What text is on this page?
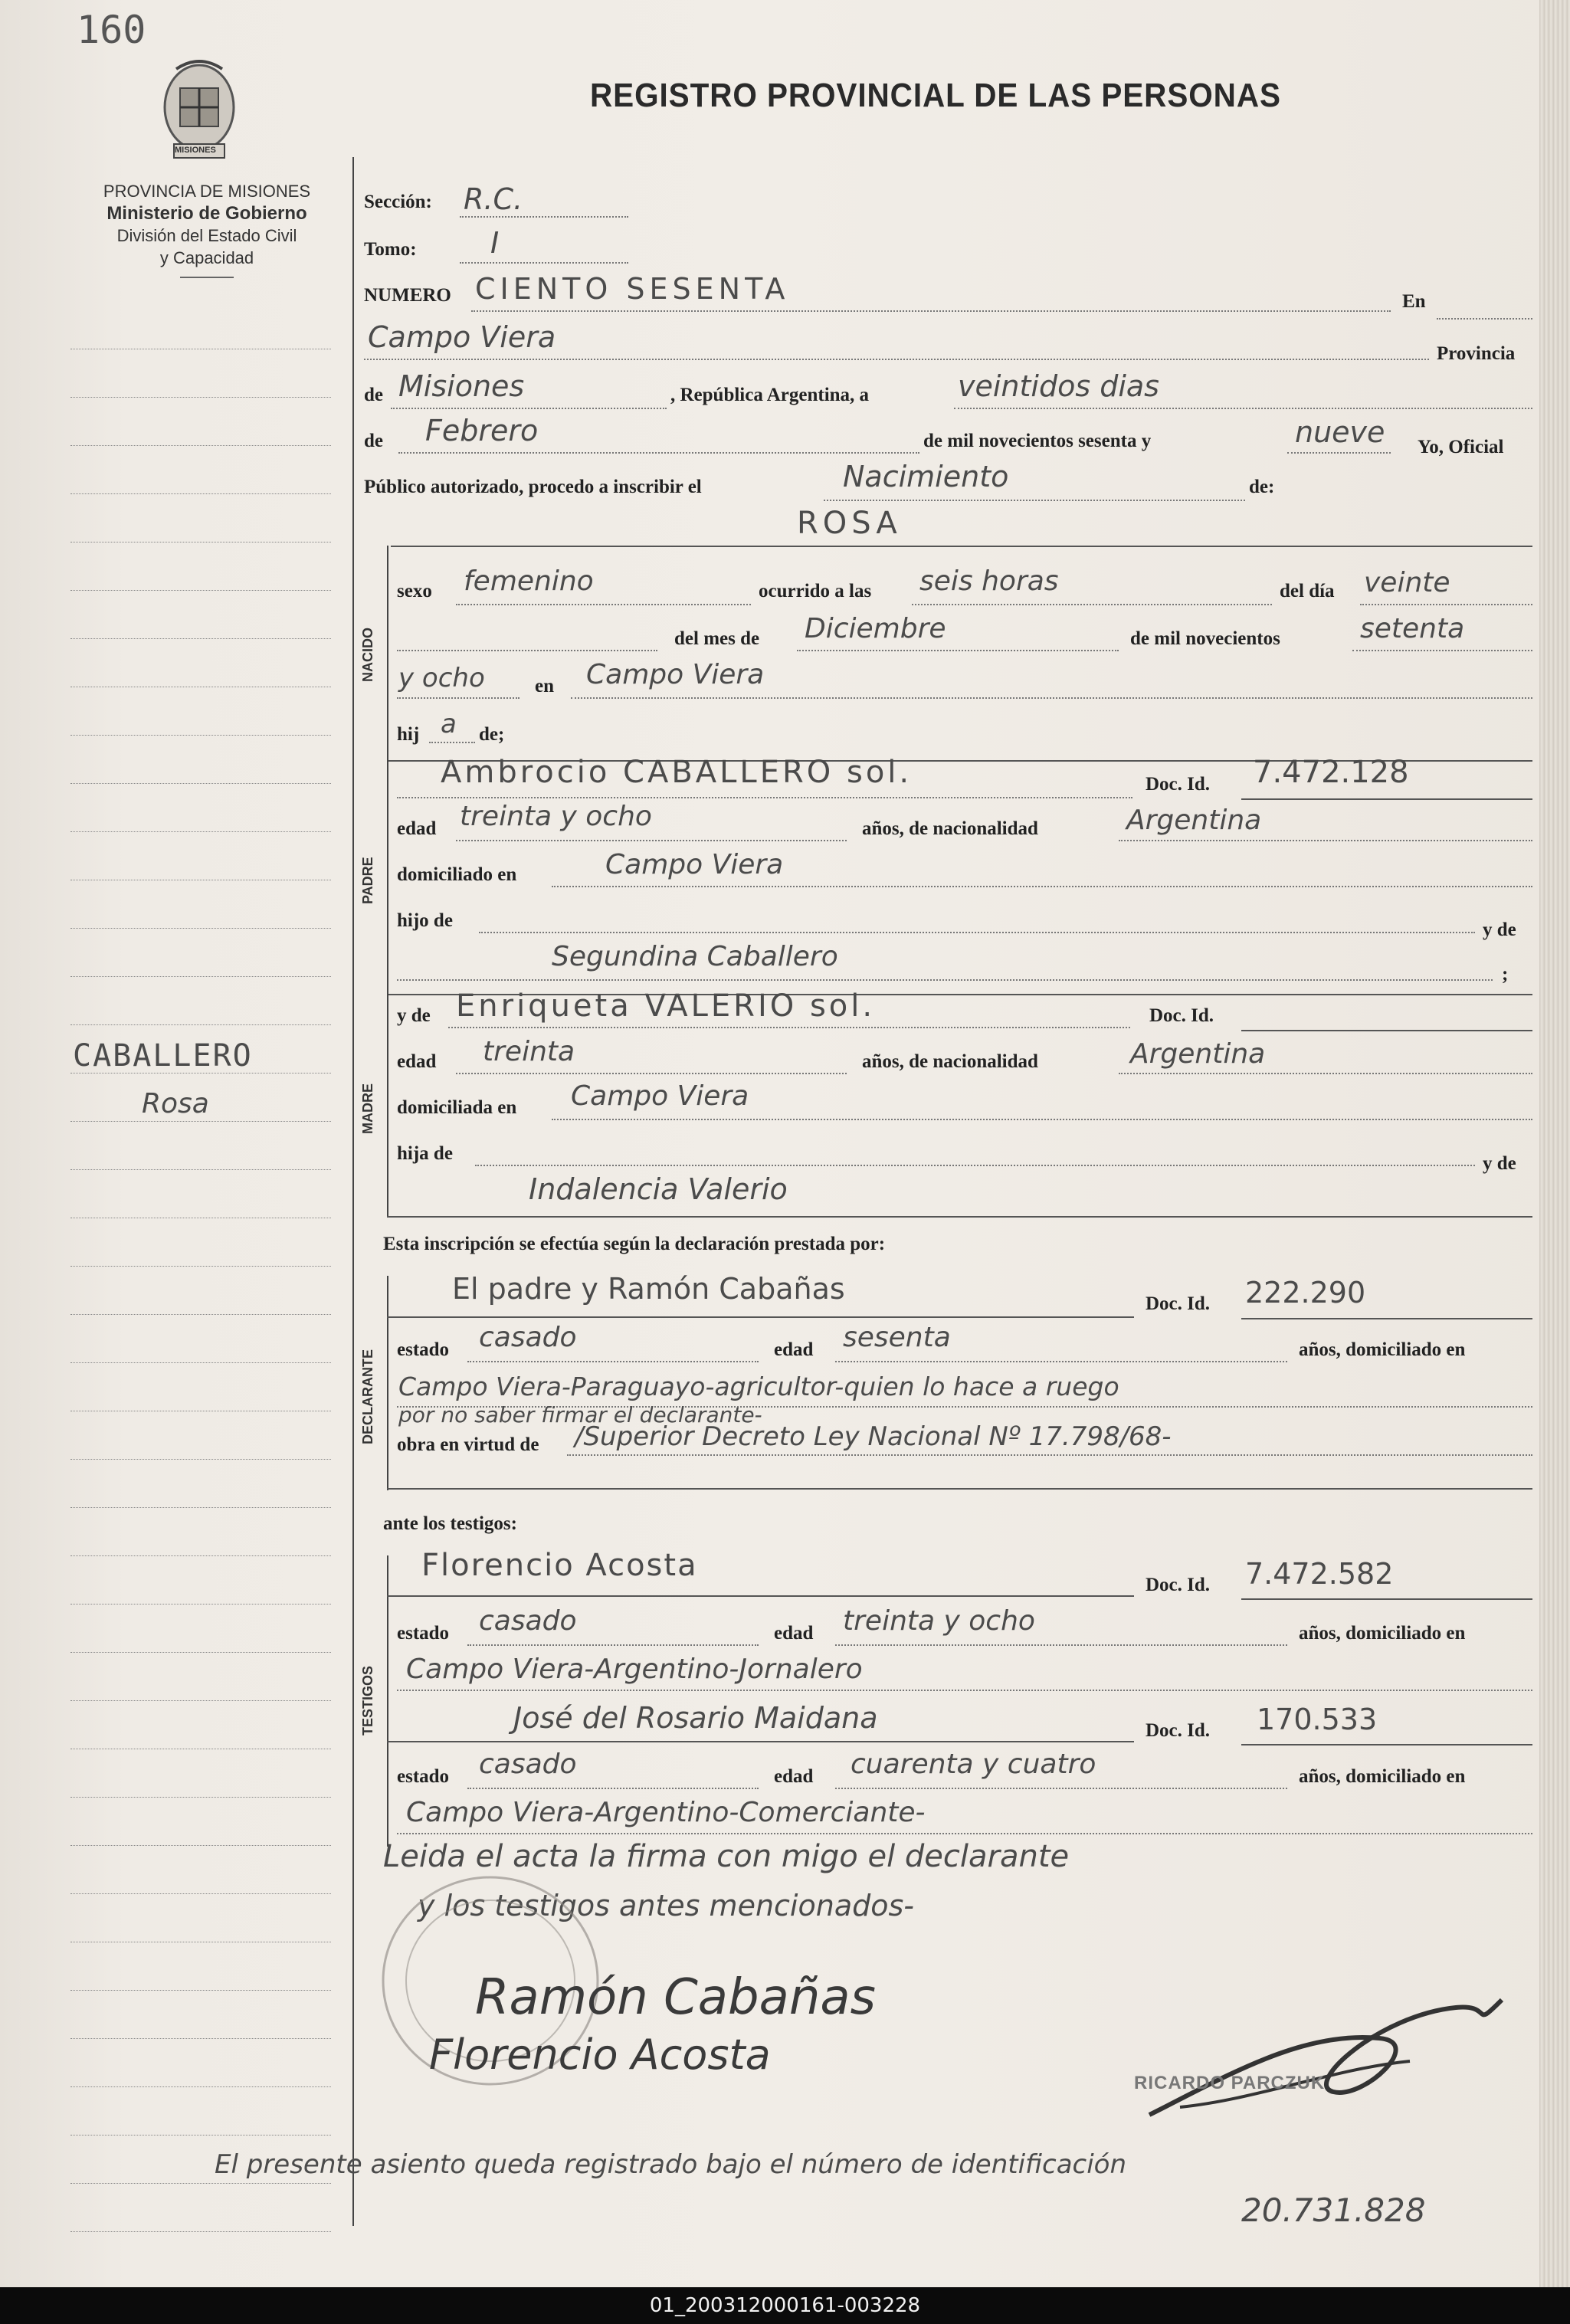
160
MISIONES
REGISTRO PROVINCIAL DE LAS PERSONAS
PROVINCIA DE MISIONES
Ministerio de Gobierno
División del Estado Civil
y Capacidad
CABALLERO
Rosa
Sección: R.C.
Tomo:	I
NUMERO CIENTO SESENTA	En
Campo Viera	Provincia
de Misiones	, República Argentina, a	veintidos dias
de Febrero	de mil novecientos sesenta y	nueve Yo, Oficial
Público autorizado, procedo a inscribir el	Nacimiento	de:
ROSA
NACIDO
sexo femenino	ocurrido a las seis horas	del día veinte
del mes de Diciembre	de mil novecientos	setenta
y ocho	en Campo Viera
hij a de;
PADRE
Ambrocio CABALLERO sol.	Doc. Id. 7.472.128
edad treinta y ocho	años, de nacionalidad	Argentina
domiciliado en	Campo Viera
hijo de	y de
Segundina Caballero
;
MADRE
y de Enriqueta VALERIO sol.	Doc. Id.
edad treinta	años, de nacionalidad	Argentina
domiciliada en Campo Viera
hija de	y de
Indalencia Valerio
Esta inscripción se efectúa según la declaración prestada por:
DECLARANTE
El padre y Ramón Cabañas	Doc. Id. 222.290
estado casado	edad sesenta	años, domiciliado en
Campo Viera-Paraguayo-agricultor-quien lo hace a ruego
por no saber firmar el declarante-
obra en virtud de /Superior Decreto Ley Nacional Nº 17.798/68-
ante los testigos:
TESTIGOS
Florencio Acosta
Doc. Id. 7.472.582
estado casado	edad treinta y ocho	años, domiciliado en
Campo Viera-Argentino-Jornalero
José del Rosario Maidana	Doc. Id. 170.533
estado casado	edad cuarenta y cuatro	años, domiciliado en
Campo Viera-Argentino-Comerciante-
Leida el acta la firma con migo el declarante
y los testigos antes mencionados-
Ramón Cabañas
Florencio Acosta
RICARDO PARCZUK
El presente asiento queda registrado bajo el número de identificación
20.731.828
01_200312000161-003228
